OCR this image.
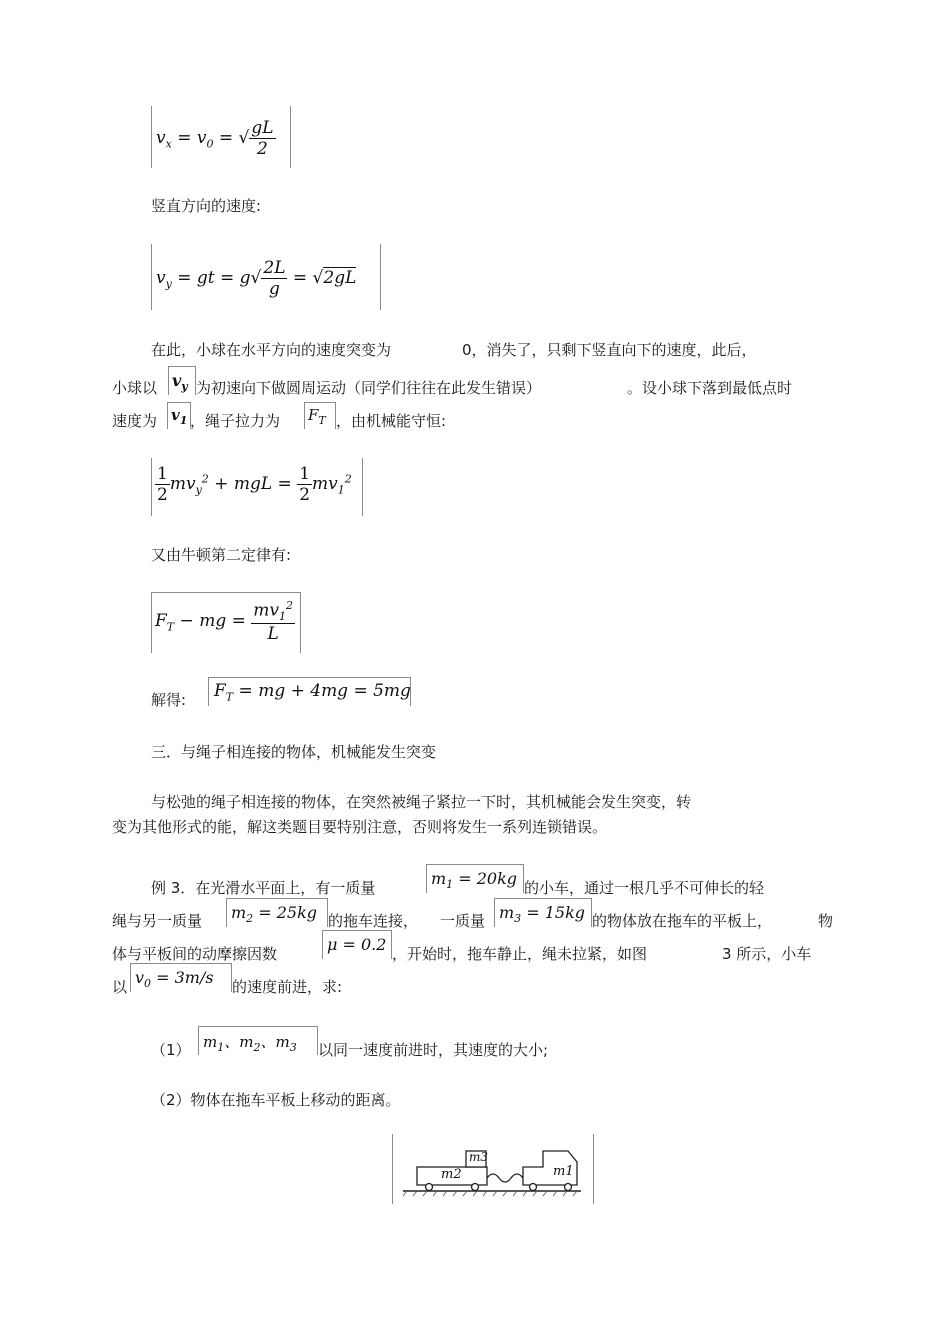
$v_x = v_0$ = √ $\frac{gL}{2}$
竖直方向的速度:
$v_y$ = gt = $g√ \frac{2L}{g} = √2gL$
在此，小球在水平方向的速度突变为	0，消失了，只剩下竖直向下的速度，此后，
小球以 $v_y$ 为初速向下做圆周运动（同学们往往在此发生错误）	。设小球下落到最低点时
速度为 $v_1$ ，绳子拉力为 $F_T$ ，由机械能守恒:
$\frac{1}{2} mv_y^2$ + mgL = $\frac{1}{2} mv_1^2$
又由牛顿第二定律有:
$F_T$ − mg = $\frac{mv_1^2}{L}$
解得: $F_T$ = mg + 4mg = 5mg
三．与绳子相连接的物体，机械能发生突变
与松弛的绳子相连接的物体，在突然被绳子紧拉一下时，其机械能会发生突变，转
变为其他形式的能，解这类题目要特别注意，否则将发生一系列连锁错误。
例 3．在光滑水平面上，有一质量	$m_1 = 20kg$ 的小车，通过一根几乎不可伸长的轻
绳与另一质量 $m_2 = 25kg$ 的拖车连接， 一质量 $m_3 = 15kg$ 的物体放在拖车的平板上，	物
体与平板间的动摩擦因数	μ = 0.2 ，开始时，拖车静止，绳未拉紧，如图	3 所示，小车
以 $v_0 = 3m/s$ 的速度前进，求:
（1） $m_1$、$m_2$、$m_3$ 以同一速度前进时，其速度的大小;
（2）物体在拖车平板上移动的距离。
m2
m3
m1
